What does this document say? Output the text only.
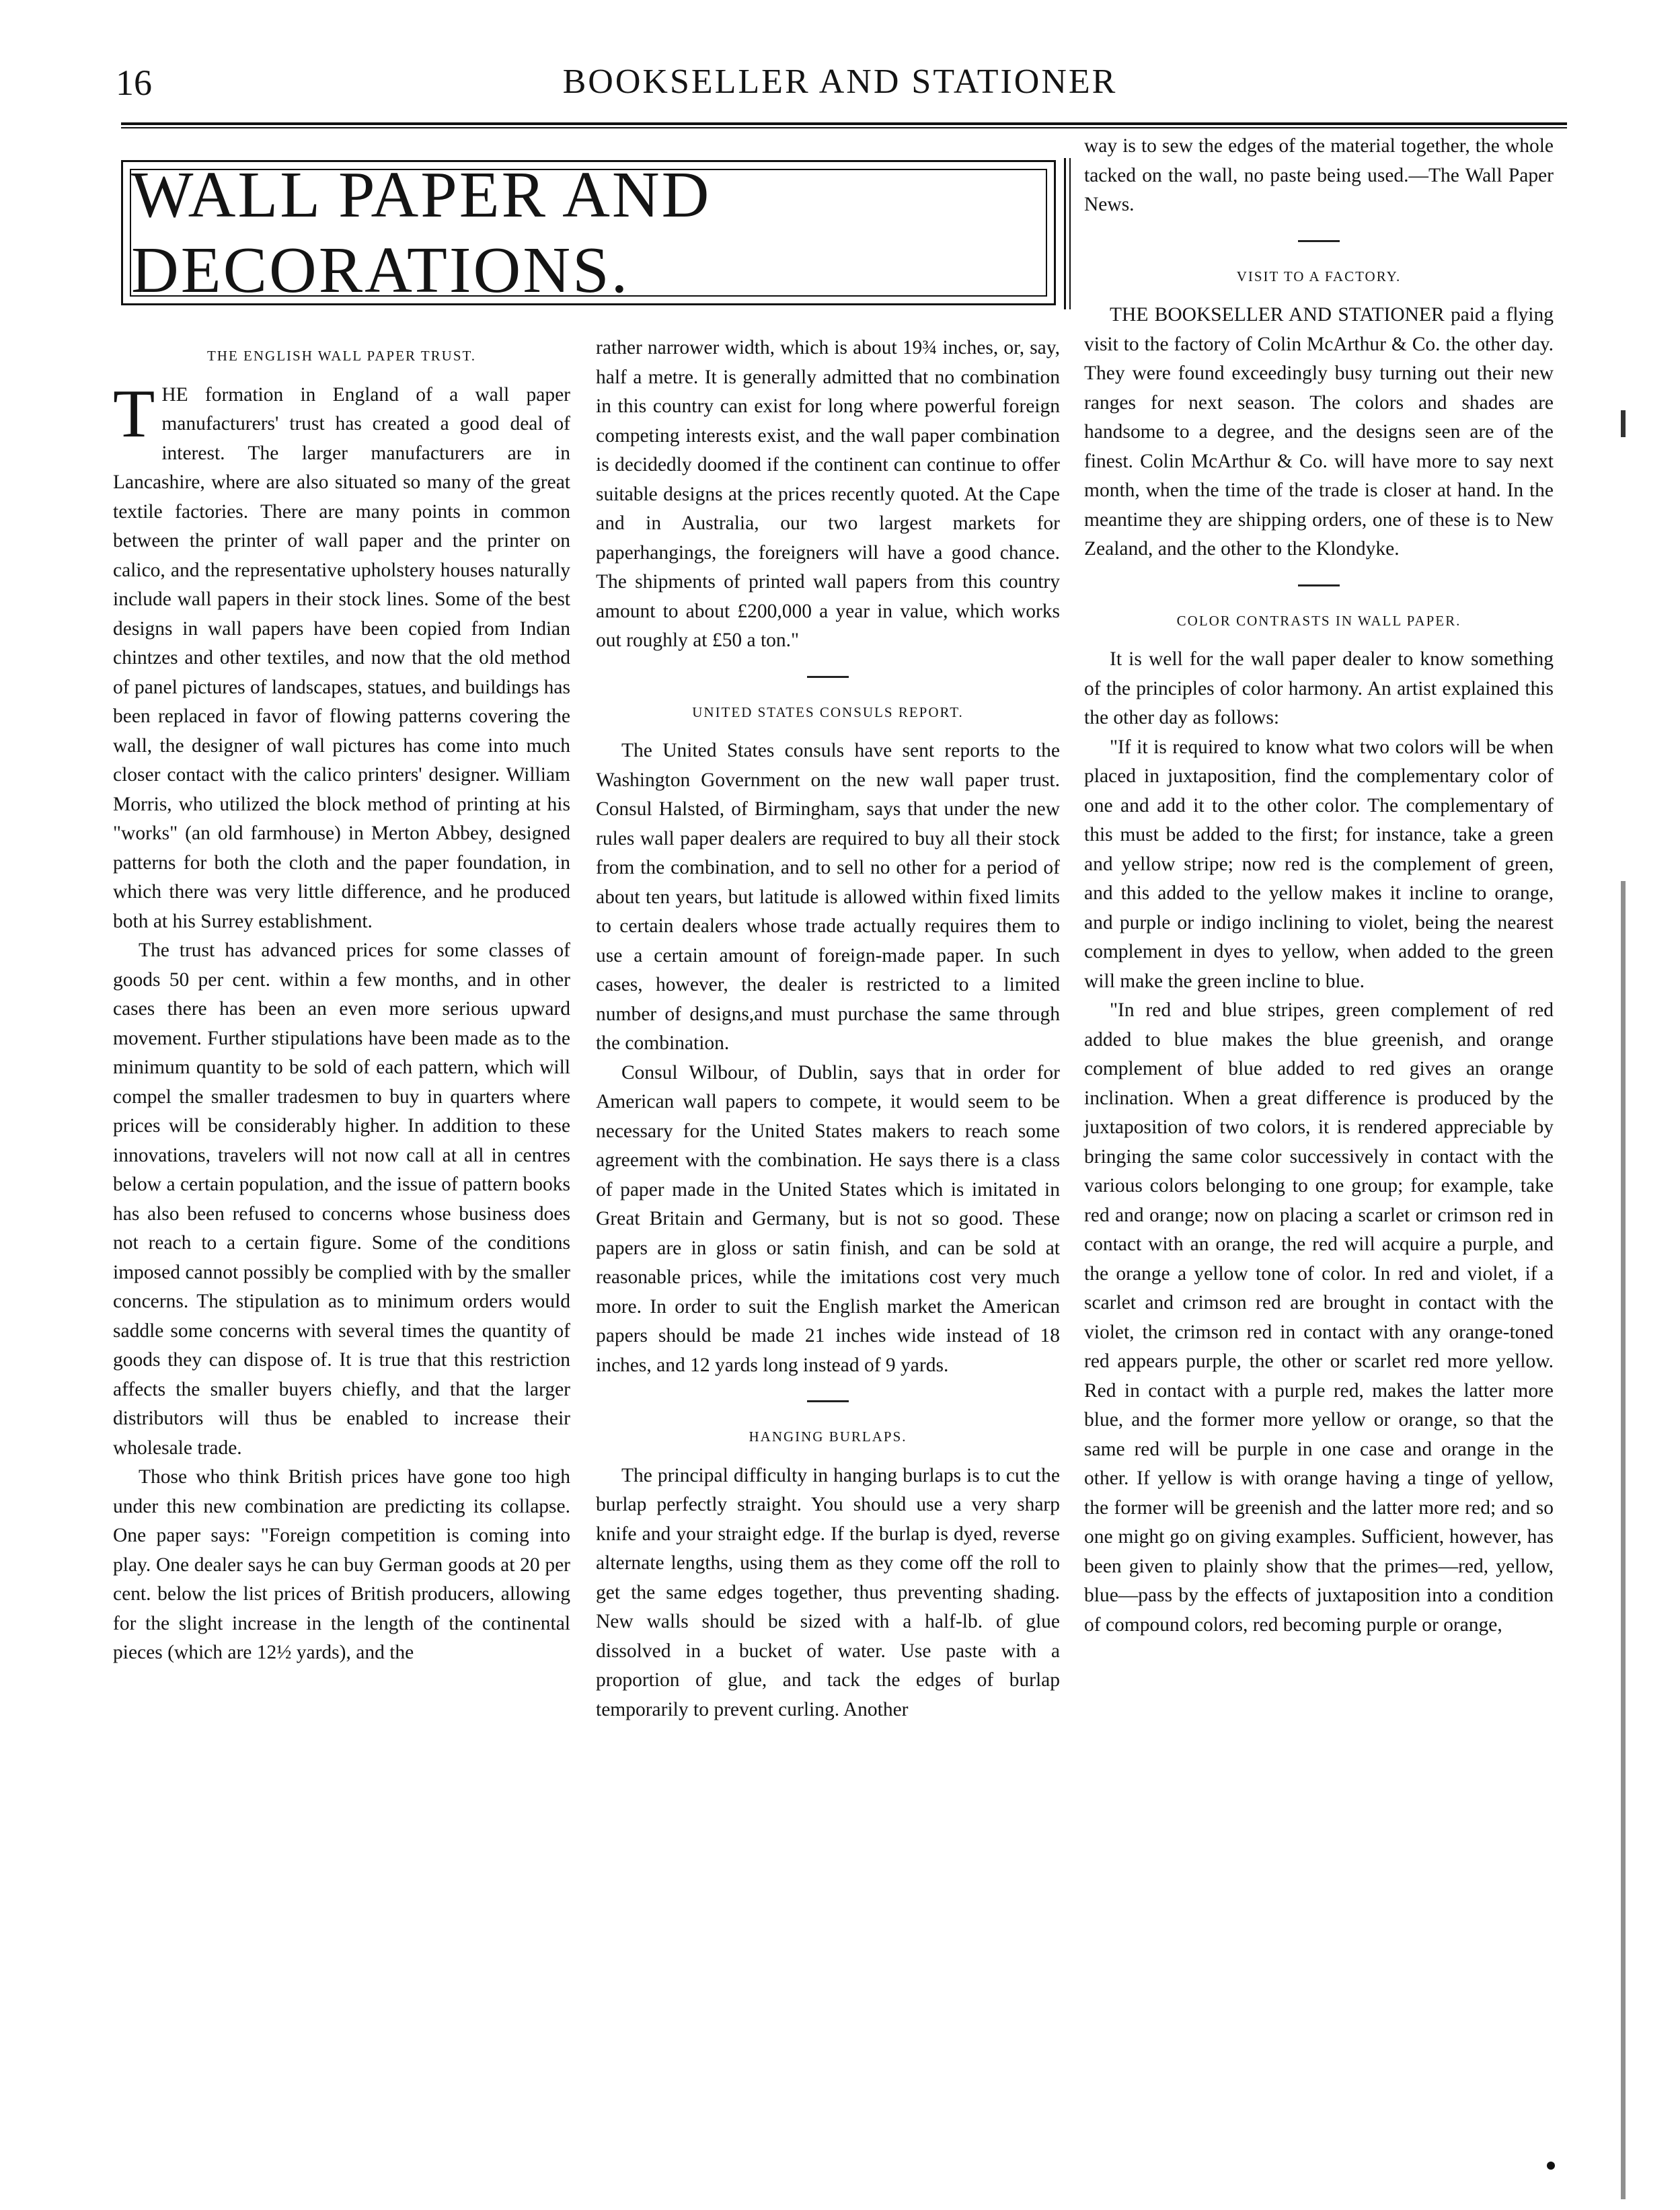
16	BOOKSELLER AND STATIONER
WALL PAPER AND DECORATIONS.
THE ENGLISH WALL PAPER TRUST.

THE formation in England of a wall paper manufacturers' trust has created a good deal of interest. The larger manufacturers are in Lancashire, where are also situated so many of the great textile factories. There are many points in common between the printer of wall paper and the printer on calico, and the representative upholstery houses naturally include wall papers in their stock lines. Some of the best designs in wall papers have been copied from Indian chintzes and other textiles, and now that the old method of panel pictures of landscapes, statues, and buildings has been replaced in favor of flowing patterns covering the wall, the designer of wall pictures has come into much closer contact with the calico printers' designer. William Morris, who utilized the block method of printing at his "works" (an old farmhouse) in Merton Abbey, designed patterns for both the cloth and the paper foundation, in which there was very little difference, and he produced both at his Surrey establishment.

The trust has advanced prices for some classes of goods 50 per cent. within a few months, and in other cases there has been an even more serious upward movement. Further stipulations have been made as to the minimum quantity to be sold of each pattern, which will compel the smaller tradesmen to buy in quarters where prices will be considerably higher. In addition to these innovations, travelers will not now call at all in centres below a certain population, and the issue of pattern books has also been refused to concerns whose business does not reach to a certain figure. Some of the conditions imposed cannot possibly be complied with by the smaller concerns. The stipulation as to minimum orders would saddle some concerns with several times the quantity of goods they can dispose of. It is true that this restriction affects the smaller buyers chiefly, and that the larger distributors will thus be enabled to increase their wholesale trade.

Those who think British prices have gone too high under this new combination are predicting its collapse. One paper says: "Foreign competition is coming into play. One dealer says he can buy German goods at 20 per cent. below the list prices of British producers, allowing for the slight increase in the length of the continental pieces (which are 12½ yards), and the

rather narrower width, which is about 19¾ inches, or, say, half a metre. It is generally admitted that no combination in this country can exist for long where powerful foreign competing interests exist, and the wall paper combination is decidedly doomed if the continent can continue to offer suitable designs at the prices recently quoted. At the Cape and in Australia, our two largest markets for paperhangings, the foreigners will have a good chance. The shipments of printed wall papers from this country amount to about £200,000 a year in value, which works out roughly at £50 a ton."

UNITED STATES CONSULS REPORT.

The United States consuls have sent reports to the Washington Government on the new wall paper trust. Consul Halsted, of Birmingham, says that under the new rules wall paper dealers are required to buy all their stock from the combination, and to sell no other for a period of about ten years, but latitude is allowed within fixed limits to certain dealers whose trade actually requires them to use a certain amount of foreign-made paper. In such cases, however, the dealer is restricted to a limited number of designs,and must purchase the same through the combination.

Consul Wilbour, of Dublin, says that in order for American wall papers to compete, it would seem to be necessary for the United States makers to reach some agreement with the combination. He says there is a class of paper made in the United States which is imitated in Great Britain and Germany, but is not so good. These papers are in gloss or satin finish, and can be sold at reasonable prices, while the imitations cost very much more. In order to suit the English market the American papers should be made 21 inches wide instead of 18 inches, and 12 yards long instead of 9 yards.

HANGING BURLAPS.

The principal difficulty in hanging burlaps is to cut the burlap perfectly straight. You should use a very sharp knife and your straight edge. If the burlap is dyed, reverse alternate lengths, using them as they come off the roll to get the same edges together, thus preventing shading. New walls should be sized with a half-lb. of glue dissolved in a bucket of water. Use paste with a proportion of glue, and tack the edges of burlap temporarily to prevent curling. Another

way is to sew the edges of the material together, the whole tacked on the wall, no paste being used.—The Wall Paper News.

VISIT TO A FACTORY.

THE BOOKSELLER AND STATIONER paid a flying visit to the factory of Colin McArthur & Co. the other day. They were found exceedingly busy turning out their new ranges for next season. The colors and shades are handsome to a degree, and the designs seen are of the finest. Colin McArthur & Co. will have more to say next month, when the time of the trade is closer at hand. In the meantime they are shipping orders, one of these is to New Zealand, and the other to the Klondyke.

COLOR CONTRASTS IN WALL PAPER.

It is well for the wall paper dealer to know something of the principles of color harmony. An artist explained this the other day as follows:

"If it is required to know what two colors will be when placed in juxtaposition, find the complementary color of one and add it to the other color. The complementary of this must be added to the first; for instance, take a green and yellow stripe; now red is the complement of green, and this added to the yellow makes it incline to orange, and purple or indigo inclining to violet, being the nearest complement in dyes to yellow, when added to the green will make the green incline to blue.

"In red and blue stripes, green complement of red added to blue makes the blue greenish, and orange complement of blue added to red gives an orange inclination. When a great difference is produced by the juxtaposition of two colors, it is rendered appreciable by bringing the same color successively in contact with the various colors belonging to one group; for example, take red and orange; now on placing a scarlet or crimson red in contact with an orange, the red will acquire a purple, and the orange a yellow tone of color. In red and violet, if a scarlet and crimson red are brought in contact with the violet, the crimson red in contact with any orange-toned red appears purple, the other or scarlet red more yellow. Red in contact with a purple red, makes the latter more blue, and the former more yellow or orange, so that the same red will be purple in one case and orange in the other. If yellow is with orange having a tinge of yellow, the former will be greenish and the latter more red; and so one might go on giving examples. Sufficient, however, has been given to plainly show that the primes—red, yellow, blue—pass by the effects of juxtaposition into a condition of compound colors, red becoming purple or orange,
